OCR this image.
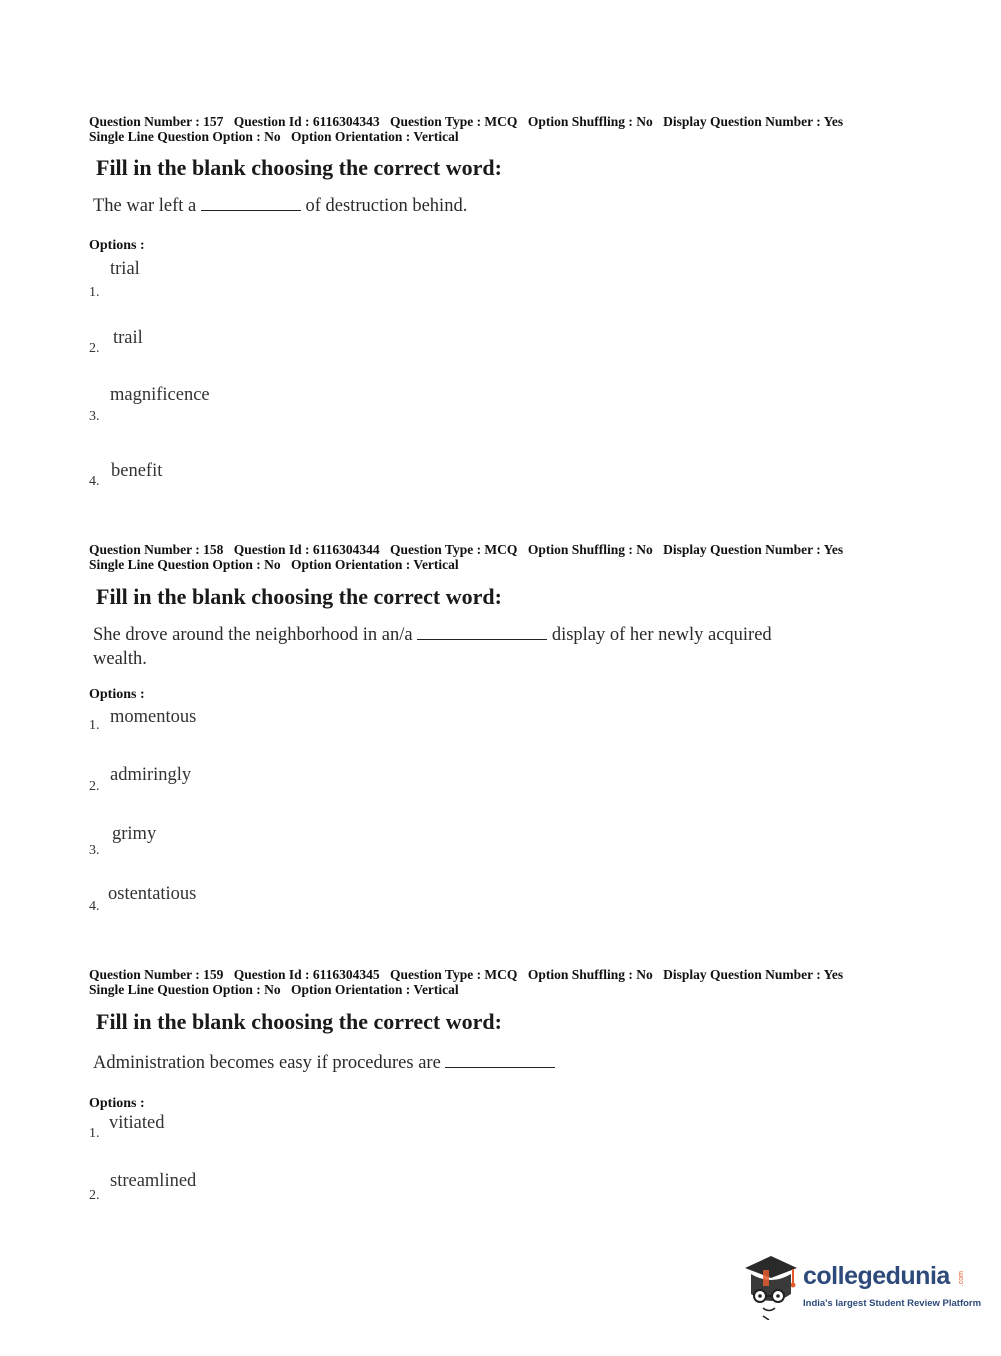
Question Number : 157 Question Id : 6116304343 Question Type : MCQ Option Shuffling : No Display Question Number : Yes
Single Line Question Option : No Option Orientation : Vertical
Fill in the blank choosing the correct word:
The war left a	of destruction behind.
Options :
trial
1.
trail
2.
magnificence
3.
benefit
4.
Question Number : 158 Question Id : 6116304344 Question Type : MCQ Option Shuffling : No Display Question Number : Yes
Single Line Question Option : No Option Orientation : Vertical
Fill in the blank choosing the correct word:
She drove around the neighborhood in an/a	display of her newly acquired
wealth.
Options :
momentous
1.
admiringly
2.
grimy
3.
ostentatious
4.
Question Number : 159 Question Id : 6116304345 Question Type : MCQ Option Shuffling : No Display Question Number : Yes
Single Line Question Option : No Option Orientation : Vertical
Fill in the blank choosing the correct word:
Administration becomes easy if procedures are
Options :
vitiated
1.
streamlined
2.
collegedunia .com
India's largest Student Review Platform
